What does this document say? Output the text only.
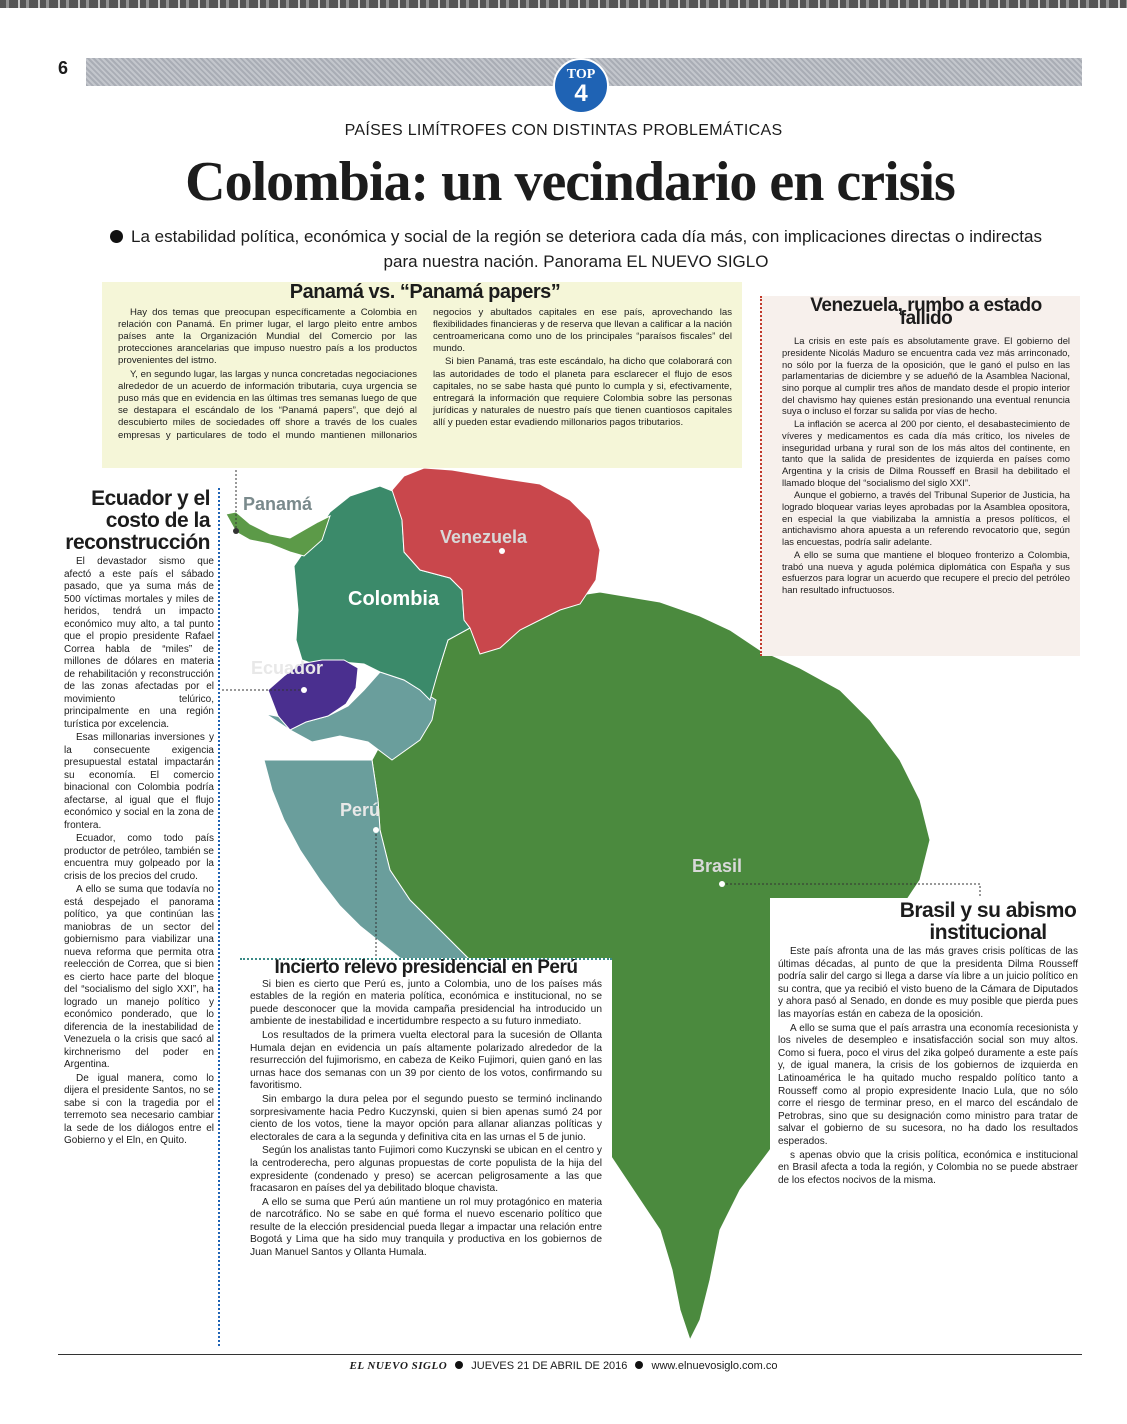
6	TOP
4
PAÍSES LIMÍTROFES CON DISTINTAS PROBLEMÁTICAS
Colombia: un vecindario en crisis
La estabilidad política, económica y social de la región se deteriora cada día más, con implicaciones directas o indirectas para nuestra nación. Panorama EL NUEVO SIGLO
Panamá
Colombia
Venezuela
Ecuador
Perú
Brasil
Panamá vs. “Panamá papers”

Hay dos temas que preocupan específicamente a Colombia en relación con Panamá. En primer lugar, el largo pleito entre ambos países ante la Organización Mundial del Comercio por las protecciones arancelarias que impuso nuestro país a los productos provenientes del istmo.

Y, en segundo lugar, las largas y nunca concretadas negociaciones alrededor de un acuerdo de información tributaria, cuya urgencia se puso más que en evidencia en las últimas tres semanas luego de que se destapara el escándalo de los “Panamá papers”, que dejó al descubierto miles de sociedades off shore a través de los cuales empresas y particulares de todo el mundo mantienen millonarios negocios y abultados capitales en ese país, aprovechando las flexibilidades financieras y de reserva que llevan a calificar a la nación centroamericana como uno de los principales “paraísos fiscales” del mundo.

Si bien Panamá, tras este escándalo, ha dicho que colaborará con las autoridades de todo el planeta para esclarecer el flujo de esos capitales, no se sabe hasta qué punto lo cumpla y si, efectivamente, entregará la información que requiere Colombia sobre las personas jurídicas y naturales de nuestro país que tienen cuantiosos capitales allí y pueden estar evadiendo millonarios pagos tributarios.

Venezuela, rumbo a estado fallido

La crisis en este país es absolutamente grave. El gobierno del presidente Nicolás Maduro se encuentra cada vez más arrinconado, no sólo por la fuerza de la oposición, que le ganó el pulso en las parlamentarias de diciembre y se adueñó de la Asamblea Nacional, sino porque al cumplir tres años de mandato desde el propio interior del chavismo hay quienes están presionando una eventual renuncia suya o incluso el forzar su salida por vías de hecho.

La inflación se acerca al 200 por ciento, el desabastecimiento de víveres y medicamentos es cada día más crítico, los niveles de inseguridad urbana y rural son de los más altos del continente, en tanto que la salida de presidentes de izquierda en países como Argentina y la crisis de Dilma Rousseff en Brasil ha debilitado el llamado bloque del “socialismo del siglo XXI”.

Aunque el gobierno, a través del Tribunal Superior de Justicia, ha logrado bloquear varias leyes aprobadas por la Asamblea opositora, en especial la que viabilizaba la amnistía a presos políticos, el antichavismo ahora apuesta a un referendo revocatorio que, según las encuestas, podría salir adelante.

A ello se suma que mantiene el bloqueo fronterizo a Colombia, trabó una nueva y aguda polémica diplomática con España y sus esfuerzos para lograr un acuerdo que recupere el precio del petróleo han resultado infructuosos.

Ecuador y el costo de la reconstrucción

El devastador sismo que afectó a este país el sábado pasado, que ya suma más de 500 víctimas mortales y miles de heridos, tendrá un impacto económico muy alto, a tal punto que el propio presidente Rafael Correa habla de “miles” de millones de dólares en materia de rehabilitación y reconstrucción de las zonas afectadas por el movimiento telúrico, principalmente en una región turística por excelencia.

Esas millonarias inversiones y la consecuente exigencia presupuestal estatal impactarán su economía. El comercio binacional con Colombia podría afectarse, al igual que el flujo económico y social en la zona de frontera.

Ecuador, como todo país productor de petróleo, también se encuentra muy golpeado por la crisis de los precios del crudo.

A ello se suma que todavía no está despejado el panorama político, ya que continúan las maniobras de un sector del gobiernismo para viabilizar una nueva reforma que permita otra reelección de Correa, que si bien es cierto hace parte del bloque del “socialismo del siglo XXI”, ha logrado un manejo político y económico ponderado, que lo diferencia de la inestabilidad de Venezuela o la crisis que sacó al kirchnerismo del poder en Argentina.

De igual manera, como lo dijera el presidente Santos, no se sabe si con la tragedia por el terremoto sea necesario cambiar la sede de los diálogos entre el Gobierno y el Eln, en Quito.

Incierto relevo presidencial en Perú

Si bien es cierto que Perú es, junto a Colombia, uno de los países más estables de la región en materia política, económica e institucional, no se puede desconocer que la movida campaña presidencial ha introducido un ambiente de inestabilidad e incertidumbre respecto a su futuro inmediato.

Los resultados de la primera vuelta electoral para la sucesión de Ollanta Humala dejan en evidencia un país altamente polarizado alrededor de la resurrección del fujimorismo, en cabeza de Keiko Fujimori, quien ganó en las urnas hace dos semanas con un 39 por ciento de los votos, confirmando su favoritismo.

Sin embargo la dura pelea por el segundo puesto se terminó inclinando sorpresivamente hacia Pedro Kuczynski, quien si bien apenas sumó 24 por ciento de los votos, tiene la mayor opción para allanar alianzas políticas y electorales de cara a la segunda y definitiva cita en las urnas el 5 de junio.

Según los analistas tanto Fujimori como Kuczynski se ubican en el centro y la centroderecha, pero algunas propuestas de corte populista de la hija del expresidente (condenado y preso) se acercan peligrosamente a las que fracasaron en países del ya debilitado bloque chavista.

A ello se suma que Perú aún mantiene un rol muy protagónico en materia de narcotráfico. No se sabe en qué forma el nuevo escenario político que resulte de la elección presidencial pueda llegar a impactar una relación entre Bogotá y Lima que ha sido muy tranquila y productiva en los gobiernos de Juan Manuel Santos y Ollanta Humala.

Brasil y su abismo institucional

Este país afronta una de las más graves crisis políticas de las últimas décadas, al punto de que la presidenta Dilma Rousseff podría salir del cargo si llega a darse vía libre a un juicio político en su contra, que ya recibió el visto bueno de la Cámara de Diputados y ahora pasó al Senado, en donde es muy posible que pierda pues las mayorías están en cabeza de la oposición.

A ello se suma que el país arrastra una economía recesionista y los niveles de desempleo e insatisfacción social son muy altos. Como si fuera, poco el virus del zika golpeó duramente a este país y, de igual manera, la crisis de los gobiernos de izquierda en Latinoamérica le ha quitado mucho respaldo político tanto a Rousseff como al propio expresidente Inacio Lula, que no sólo corre el riesgo de terminar preso, en el marco del escándalo de Petrobras, sino que su designación como ministro para tratar de salvar el gobierno de su sucesora, no ha dado los resultados esperados.

s apenas obvio que la crisis política, económica e institucional en Brasil afecta a toda la región, y Colombia no se puede abstraer de los efectos nocivos de la misma.

EL NUEVO SIGLO JUEVES 21 DE ABRIL DE 2016 www.elnuevosiglo.com.co
